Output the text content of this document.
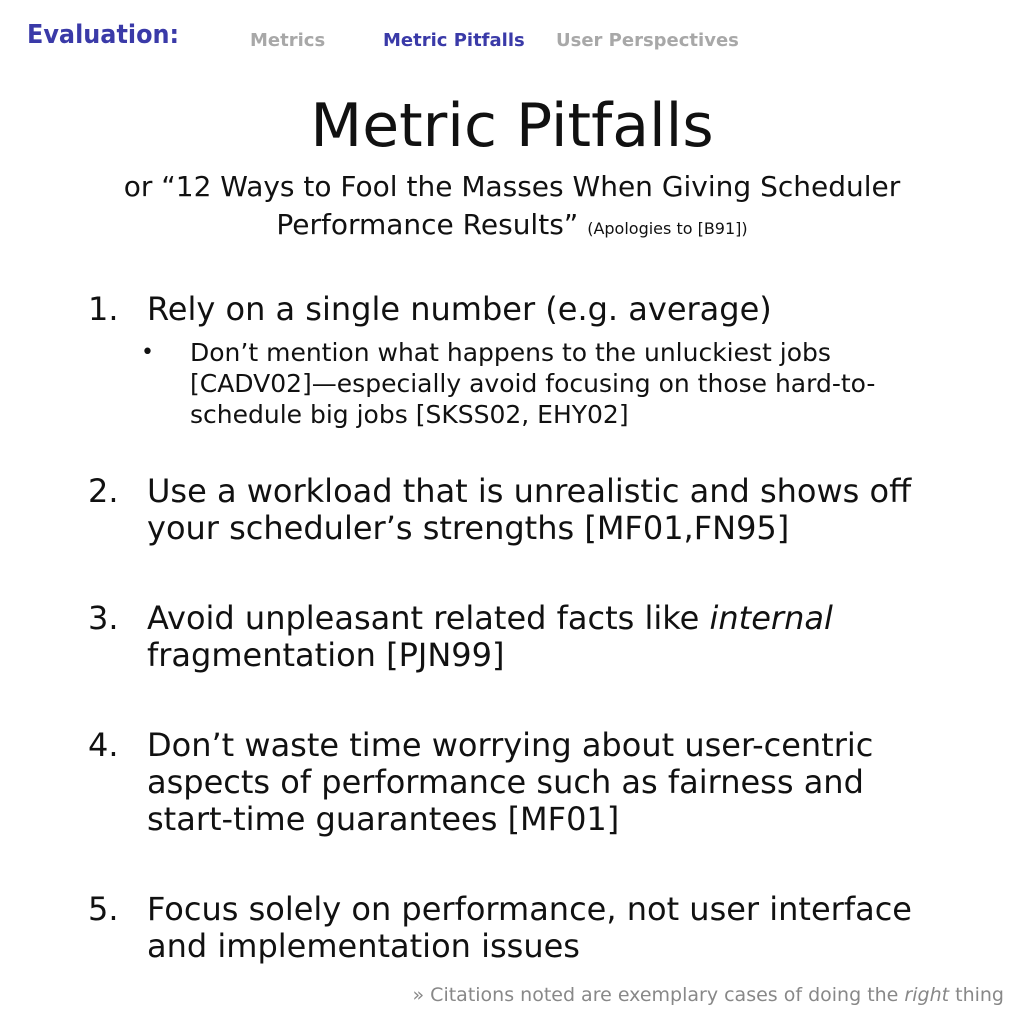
Evaluation:	Metrics	Metric Pitfalls User Perspectives
Metric Pitfalls
or “12 Ways to Fool the Masses When Giving Scheduler Performance Results” (Apologies to [B91])
1. Rely on a single number (e.g. average)
• Don’t mention what happens to the unluckiest jobs [CADV02]—especially avoid focusing on those hard-to-schedule big jobs [SKSS02, EHY02]
2. Use a workload that is unrealistic and shows off your scheduler’s strengths [MF01,FN95]
3. Avoid unpleasant related facts like internal fragmentation [PJN99]
4. Don’t waste time worrying about user-centric aspects of performance such as fairness and start-time guarantees [MF01]
5. Focus solely on performance, not user interface and implementation issues
» Citations noted are exemplary cases of doing the right thing
